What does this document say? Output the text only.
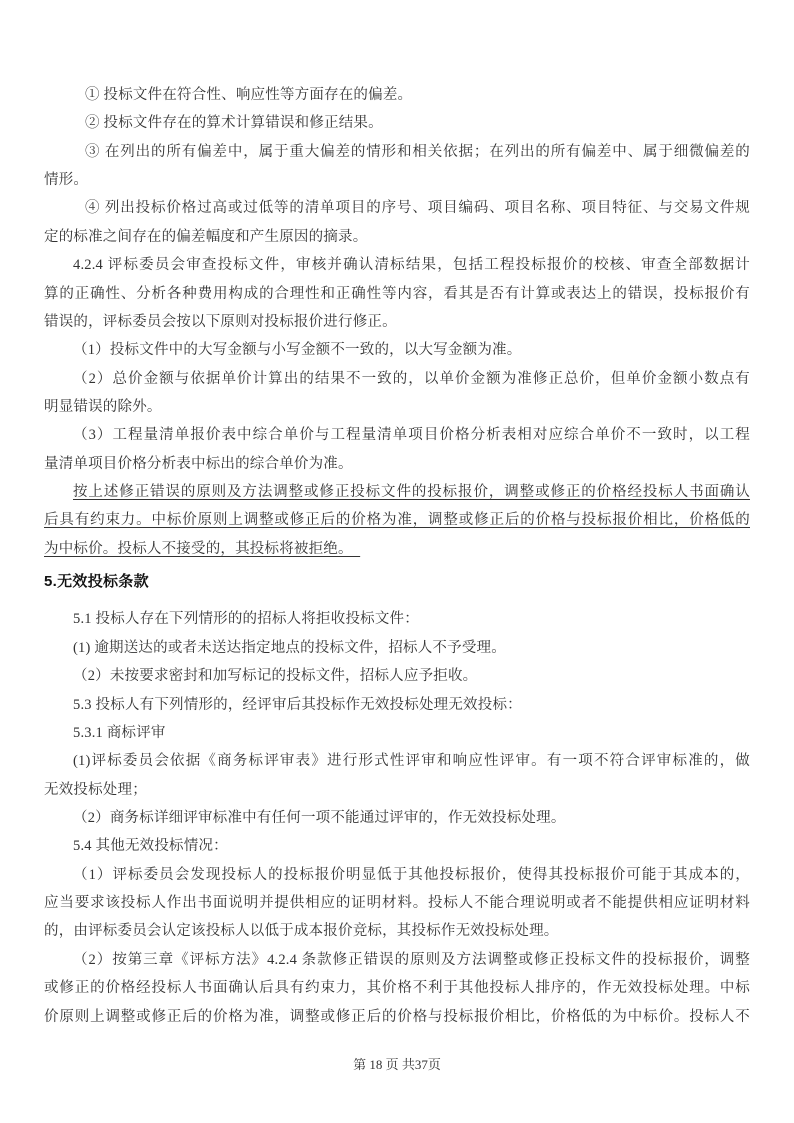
① 投标文件在符合性、响应性等方面存在的偏差。
② 投标文件存在的算术计算错误和修正结果。
③ 在列出的所有偏差中，属于重大偏差的情形和相关依据；在列出的所有偏差中、属于细微偏差的
情形。
④ 列出投标价格过高或过低等的清单项目的序号、项目编码、项目名称、项目特征、与交易文件规
定的标准之间存在的偏差幅度和产生原因的摘录。
4.2.4 评标委员会审查投标文件，审核并确认清标结果，包括工程投标报价的校核、审查全部数据计
算的正确性、分析各种费用构成的合理性和正确性等内容，看其是否有计算或表达上的错误，投标报价有
错误的，评标委员会按以下原则对投标报价进行修正。
（1）投标文件中的大写金额与小写金额不一致的，以大写金额为准。
（2）总价金额与依据单价计算出的结果不一致的，以单价金额为准修正总价，但单价金额小数点有
明显错误的除外。
（3）工程量清单报价表中综合单价与工程量清单项目价格分析表相对应综合单价不一致时，以工程
量清单项目价格分析表中标出的综合单价为准。
按上述修正错误的原则及方法调整或修正投标文件的投标报价，调整或修正的价格经投标人书面确认
后具有约束力。中标价原则上调整或修正后的价格为准，调整或修正后的价格与投标报价相比，价格低的
为中标价。投标人不接受的，其投标将被拒绝。　
5.无效投标条款
5.1 投标人存在下列情形的的招标人将拒收投标文件：
(1) 逾期送达的或者未送达指定地点的投标文件，招标人不予受理。
（2）未按要求密封和加写标记的投标文件，招标人应予拒收。
5.3 投标人有下列情形的，经评审后其投标作无效投标处理无效投标：
5.3.1 商标评审
(1)评标委员会依据《商务标评审表》进行形式性评审和响应性评审。有一项不符合评审标准的，做
无效投标处理；
（2）商务标详细评审标准中有任何一项不能通过评审的，作无效投标处理。
5.4 其他无效投标情况：
（1）评标委员会发现投标人的投标报价明显低于其他投标报价，使得其投标报价可能于其成本的，
应当要求该投标人作出书面说明并提供相应的证明材料。投标人不能合理说明或者不能提供相应证明材料
的，由评标委员会认定该投标人以低于成本报价竞标，其投标作无效投标处理。
（2）按第三章《评标方法》4.2.4 条款修正错误的原则及方法调整或修正投标文件的投标报价，调整
或修正的价格经投标人书面确认后具有约束力，其价格不利于其他投标人排序的，作无效投标处理。中标
价原则上调整或修正后的价格为准，调整或修正后的价格与投标报价相比，价格低的为中标价。投标人不
第 18 页 共37页
